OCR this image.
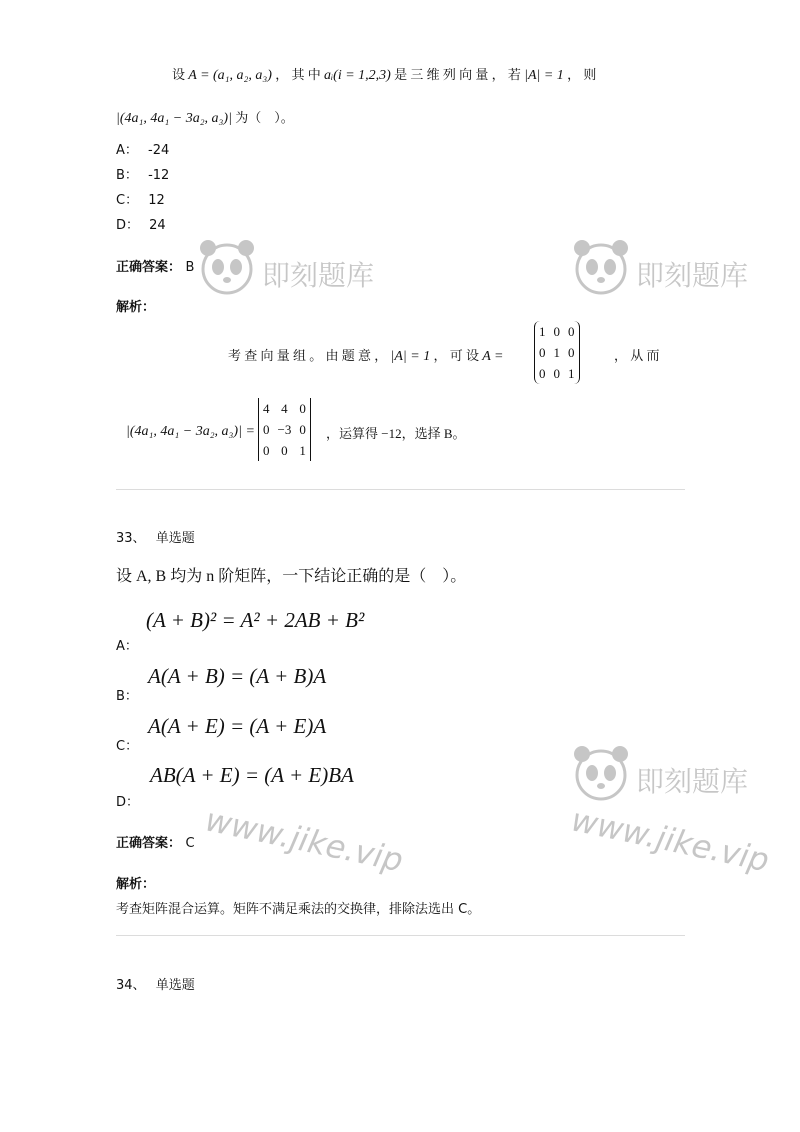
设 A = (a₁, a₂, a₃) ， 其 中 aᵢ(i = 1,2,3) 是 三 维 列 向 量 ， 若 |A| = 1 ， 则
|(4a₁, 4a₁ − 3a₂, a₃)| 为（　）。
A： -24
B： -12
C： 12
D： 24
正确答案： B
解析：
考 查 向 量 组 。 由 题 意 ， |A| = 1 ， 可 设 A =
1	0	0
0	1	0
0	0	1
， 从 而
|(4a₁, 4a₁ − 3a₂, a₃)| =
4	4	0
0	−3	0
0	0	1
，运算得 −12，选择 B。
33、 单选题
设 A, B 均为 n 阶矩阵，一下结论正确的是（　）。
(A + B)² = A² + 2AB + B²
A：
A(A + B) = (A + B)A
B：
A(A + E) = (A + E)A
C：
AB(A + E) = (A + E)BA
D：
正确答案： C
解析：
考查矩阵混合运算。矩阵不满足乘法的交换律，排除法选出 C。
34、 单选题
即刻题库	即刻题库
即刻题库
www.jike.vip	www.jike.vip
